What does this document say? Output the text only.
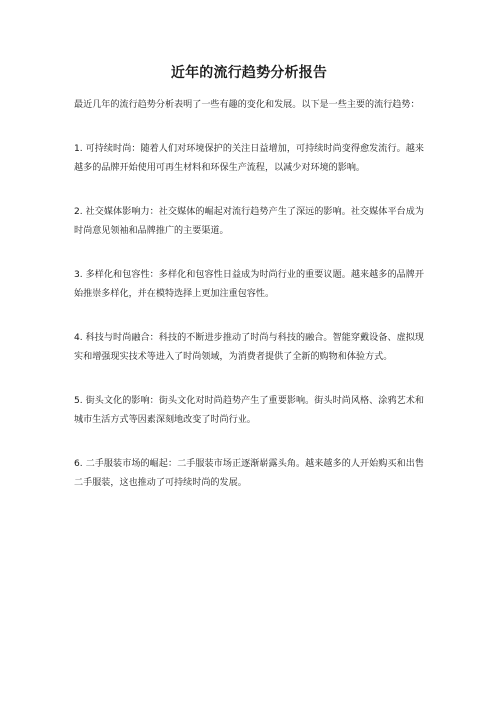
近年的流行趋势分析报告

最近几年的流行趋势分析表明了一些有趣的变化和发展。以下是一些主要的流行趋势：

1. 可持续时尚：随着人们对环境保护的关注日益增加，可持续时尚变得愈发流行。越来越多的品牌开始使用可再生材料和环保生产流程，以减少对环境的影响。

2. 社交媒体影响力：社交媒体的崛起对流行趋势产生了深远的影响。社交媒体平台成为时尚意见领袖和品牌推广的主要渠道。

3. 多样化和包容性：多样化和包容性日益成为时尚行业的重要议题。越来越多的品牌开始推崇多样化，并在模特选择上更加注重包容性。

4. 科技与时尚融合：科技的不断进步推动了时尚与科技的融合。智能穿戴设备、虚拟现实和增强现实技术等进入了时尚领域，为消费者提供了全新的购物和体验方式。

5. 街头文化的影响：街头文化对时尚趋势产生了重要影响。街头时尚风格、涂鸦艺术和城市生活方式等因素深刻地改变了时尚行业。

6. 二手服装市场的崛起：二手服装市场正逐渐崭露头角。越来越多的人开始购买和出售二手服装，这也推动了可持续时尚的发展。
